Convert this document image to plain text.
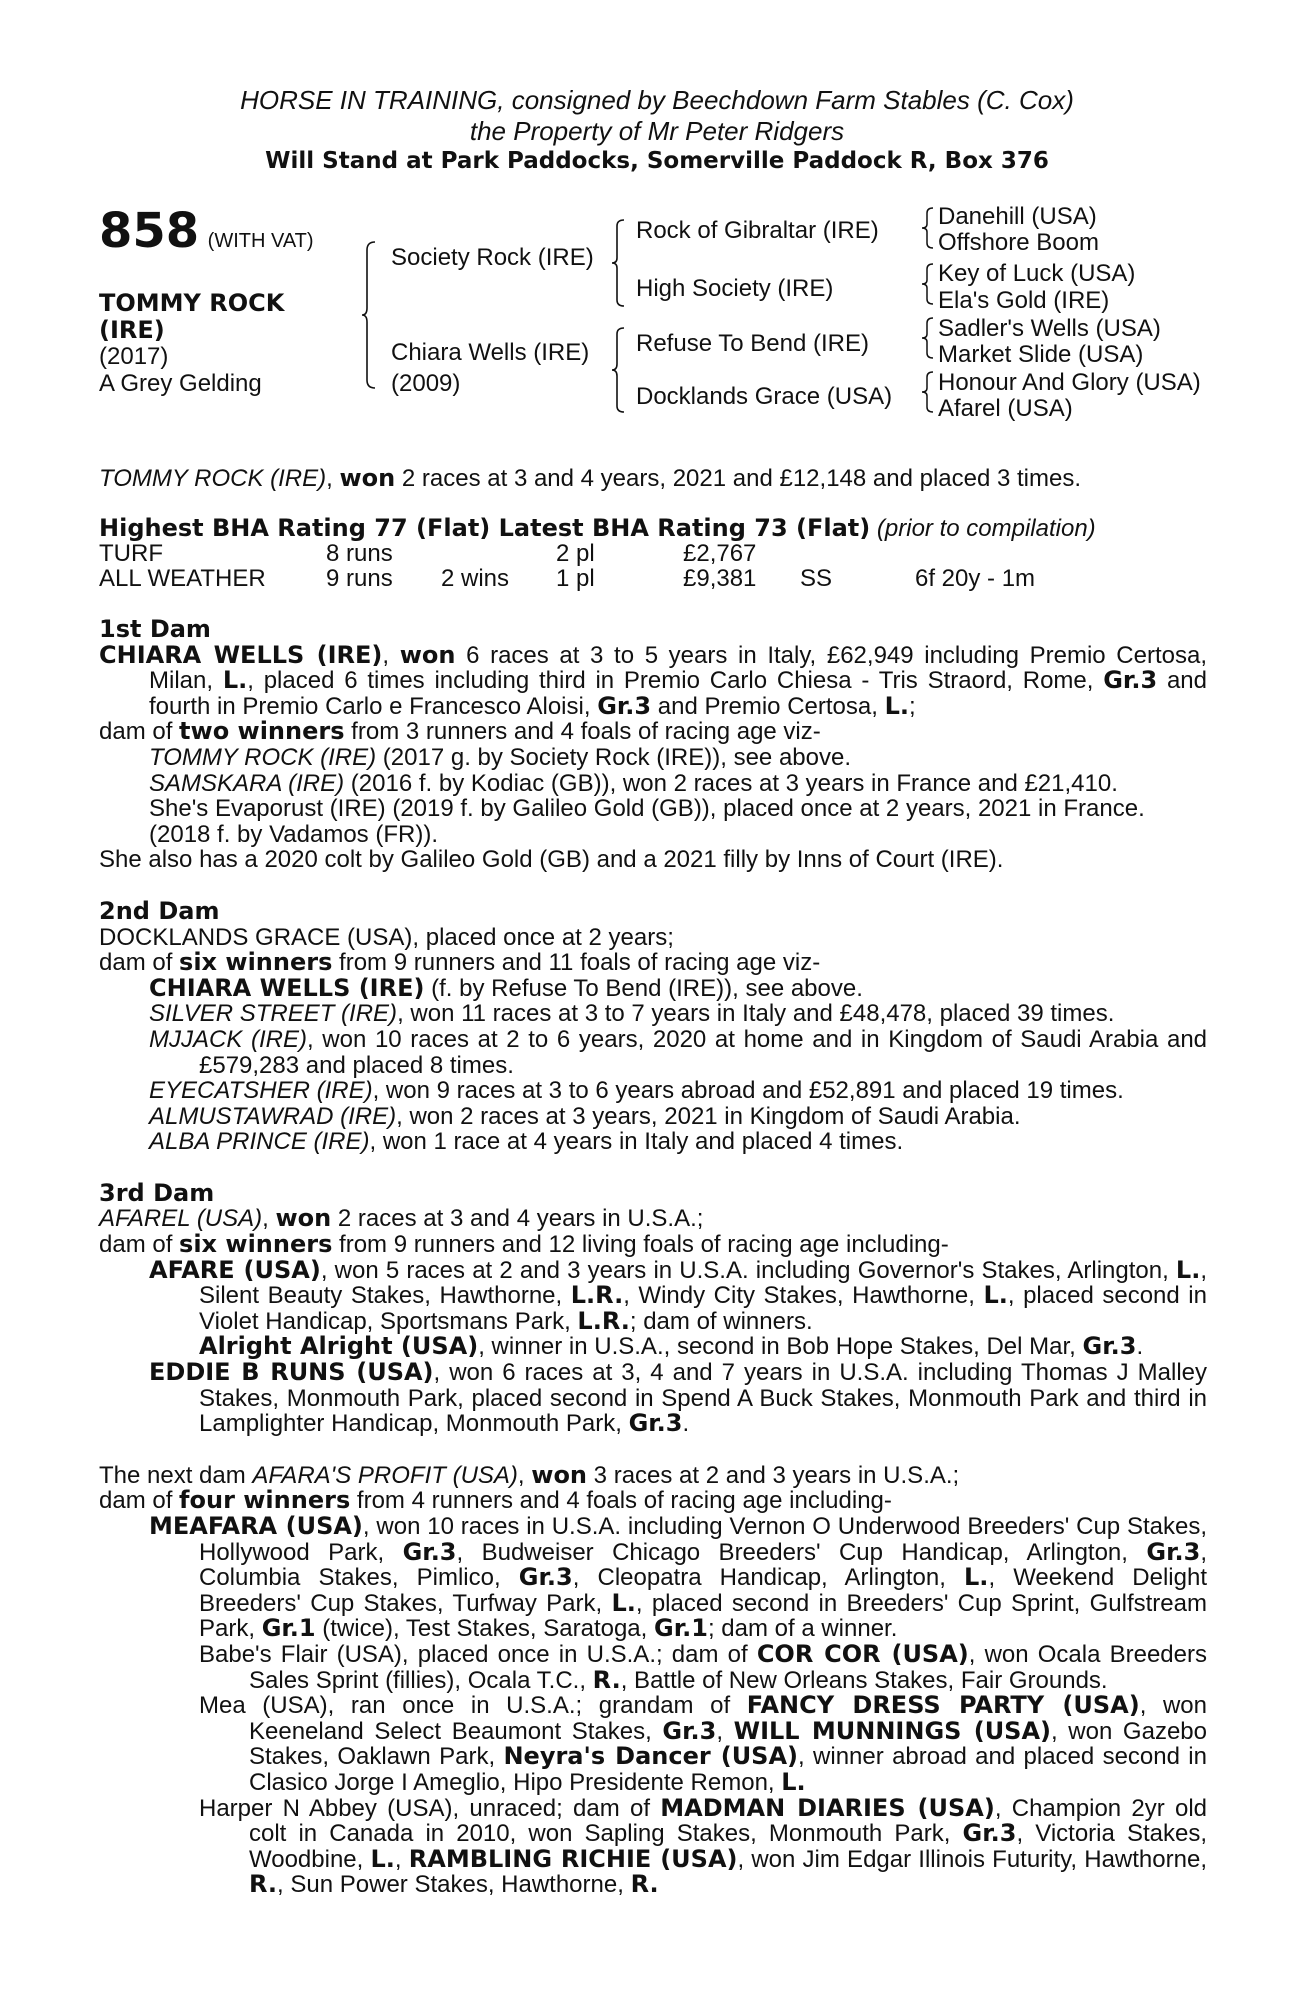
HORSE IN TRAINING, consigned by Beechdown Farm Stables (C. Cox)
the Property of Mr Peter Ridgers
Will Stand at Park Paddocks, Somerville Paddock R, Box 376
858 (WITH VAT)
TOMMY ROCK
(IRE)
(2017)
A Grey Gelding
Society Rock (IRE)
Chiara Wells (IRE)
(2009)
Rock of Gibraltar (IRE)
High Society (IRE)
Refuse To Bend (IRE)
Docklands Grace (USA)
Danehill (USA)
Offshore Boom
Key of Luck (USA)
Ela's Gold (IRE)
Sadler's Wells (USA)
Market Slide (USA)
Honour And Glory (USA)
Afarel (USA)
TOMMY ROCK (IRE), won 2 races at 3 and 4 years, 2021 and £12,148 and placed 3 times.
Highest BHA Rating 77 (Flat) Latest BHA Rating 73 (Flat) (prior to compilation)
TURF	8 runs	2 pl	£2,767
ALL WEATHER	9 runs 2 wins 1 pl	£9,381 SS	6f 20y - 1m

1st Dam

CHIARA WELLS (IRE), won 6 races at 3 to 5 years in Italy, £62,949 including Premio Certosa, Milan, L., placed 6 times including third in Premio Carlo Chiesa - Tris Straord, Rome, Gr.3 and fourth in Premio Carlo e Francesco Aloisi, Gr.3 and Premio Certosa, L.;

dam of two winners from 3 runners and 4 foals of racing age viz-

TOMMY ROCK (IRE) (2017 g. by Society Rock (IRE)), see above.

SAMSKARA (IRE) (2016 f. by Kodiac (GB)), won 2 races at 3 years in France and £21,410.

She's Evaporust (IRE) (2019 f. by Galileo Gold (GB)), placed once at 2 years, 2021 in France.

(2018 f. by Vadamos (FR)).

She also has a 2020 colt by Galileo Gold (GB) and a 2021 filly by Inns of Court (IRE).

2nd Dam

DOCKLANDS GRACE (USA), placed once at 2 years;

dam of six winners from 9 runners and 11 foals of racing age viz-

CHIARA WELLS (IRE) (f. by Refuse To Bend (IRE)), see above.

SILVER STREET (IRE), won 11 races at 3 to 7 years in Italy and £48,478, placed 39 times.

MJJACK (IRE), won 10 races at 2 to 6 years, 2020 at home and in Kingdom of Saudi Arabia and £579,283 and placed 8 times.

EYECATSHER (IRE), won 9 races at 3 to 6 years abroad and £52,891 and placed 19 times.

ALMUSTAWRAD (IRE), won 2 races at 3 years, 2021 in Kingdom of Saudi Arabia.

ALBA PRINCE (IRE), won 1 race at 4 years in Italy and placed 4 times.

3rd Dam

AFAREL (USA), won 2 races at 3 and 4 years in U.S.A.;

dam of six winners from 9 runners and 12 living foals of racing age including-

AFARE (USA), won 5 races at 2 and 3 years in U.S.A. including Governor's Stakes, Arlington, L., Silent Beauty Stakes, Hawthorne, L.R., Windy City Stakes, Hawthorne, L., placed second in Violet Handicap, Sportsmans Park, L.R.; dam of winners.

Alright Alright (USA), winner in U.S.A., second in Bob Hope Stakes, Del Mar, Gr.3.

EDDIE B RUNS (USA), won 6 races at 3, 4 and 7 years in U.S.A. including Thomas J Malley Stakes, Monmouth Park, placed second in Spend A Buck Stakes, Monmouth Park and third in Lamplighter Handicap, Monmouth Park, Gr.3.

The next dam AFARA'S PROFIT (USA), won 3 races at 2 and 3 years in U.S.A.;

dam of four winners from 4 runners and 4 foals of racing age including-

MEAFARA (USA), won 10 races in U.S.A. including Vernon O Underwood Breeders' Cup Stakes, Hollywood Park, Gr.3, Budweiser Chicago Breeders' Cup Handicap, Arlington, Gr.3, Columbia Stakes, Pimlico, Gr.3, Cleopatra Handicap, Arlington, L., Weekend Delight Breeders' Cup Stakes, Turfway Park, L., placed second in Breeders' Cup Sprint, Gulfstream Park, Gr.1 (twice), Test Stakes, Saratoga, Gr.1; dam of a winner.

Babe's Flair (USA), placed once in U.S.A.; dam of COR COR (USA), won Ocala Breeders Sales Sprint (fillies), Ocala T.C., R., Battle of New Orleans Stakes, Fair Grounds.

Mea (USA), ran once in U.S.A.; grandam of FANCY DRESS PARTY (USA), won Keeneland Select Beaumont Stakes, Gr.3, WILL MUNNINGS (USA), won Gazebo Stakes, Oaklawn Park, Neyra's Dancer (USA), winner abroad and placed second in Clasico Jorge I Ameglio, Hipo Presidente Remon, L.

Harper N Abbey (USA), unraced; dam of MADMAN DIARIES (USA), Champion 2yr old colt in Canada in 2010, won Sapling Stakes, Monmouth Park, Gr.3, Victoria Stakes, Woodbine, L., RAMBLING RICHIE (USA), won Jim Edgar Illinois Futurity, Hawthorne, R., Sun Power Stakes, Hawthorne, R.
